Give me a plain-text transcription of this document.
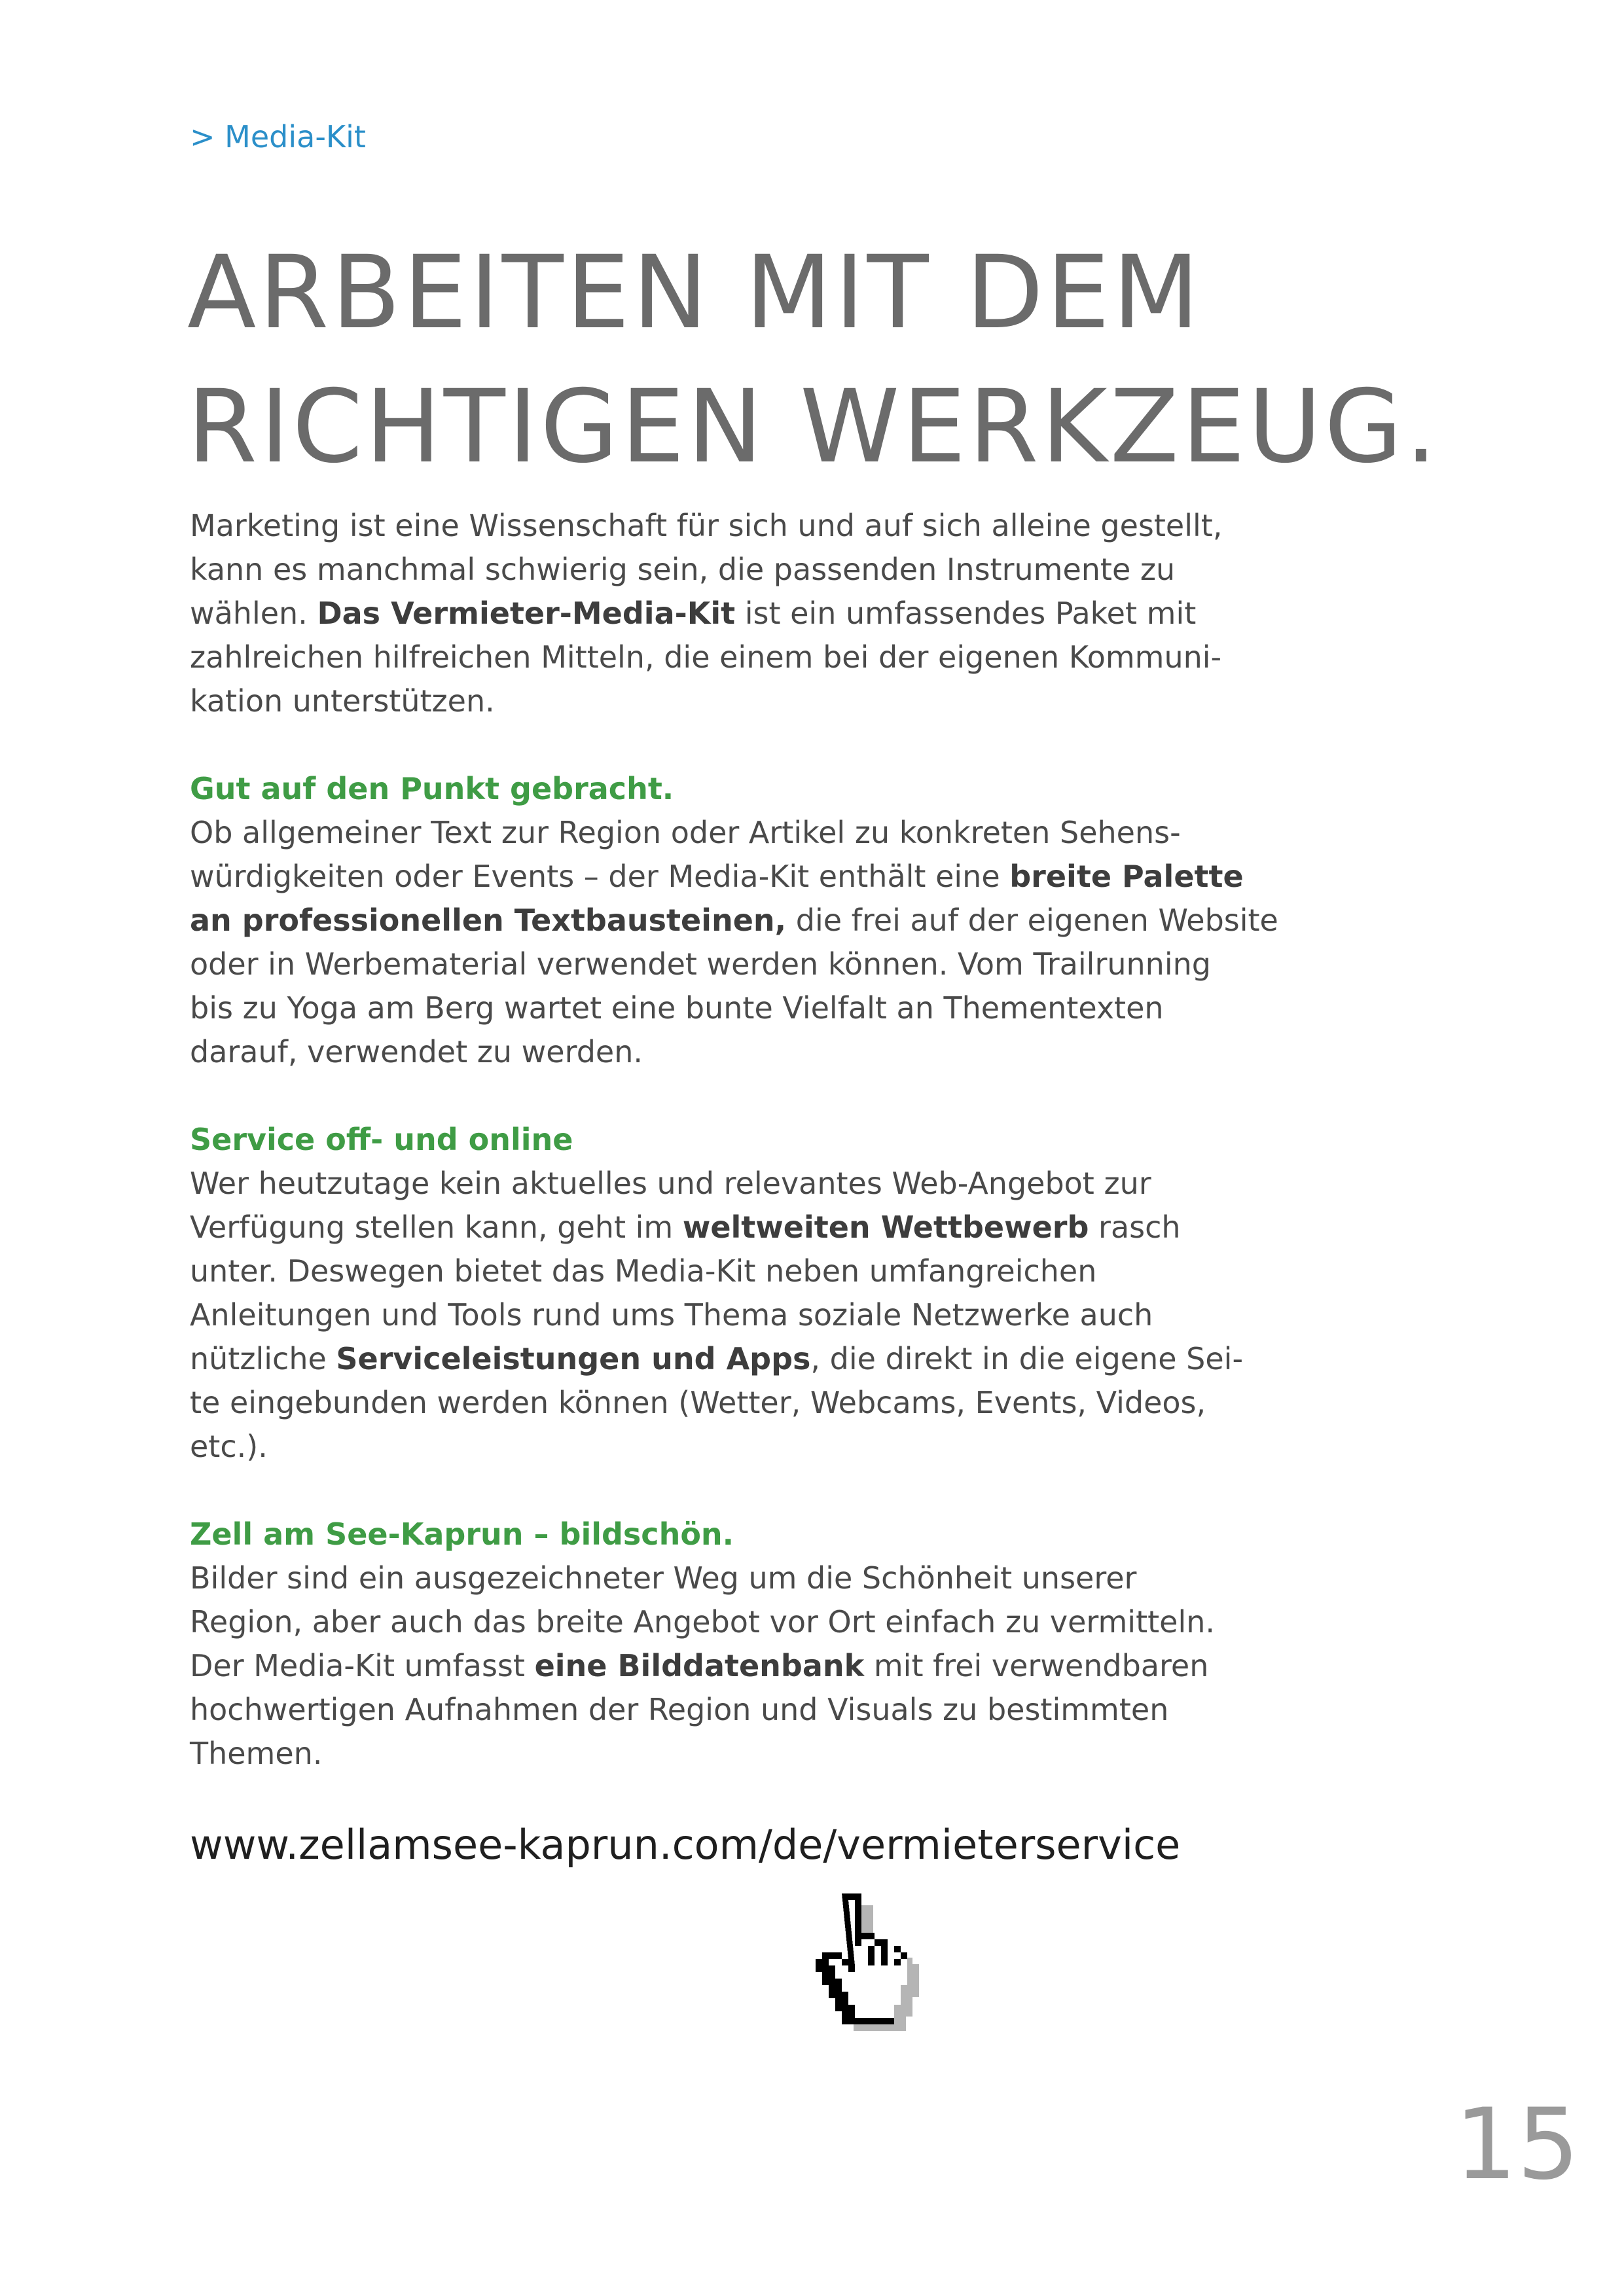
> Media-Kit
ARBEITEN MIT DEM
RICHTIGEN WERKZEUG.

Marketing ist eine Wissenschaft für sich und auf sich alleine gestellt,
kann es manchmal schwierig sein, die passenden Instrumente zu
wählen. Das Vermieter-Media-Kit ist ein umfassendes Paket mit
zahlreichen hilfreichen Mitteln, die einem bei der eigenen Kommuni-
kation unterstützen.

Gut auf den Punkt gebracht.

Ob allgemeiner Text zur Region oder Artikel zu konkreten Sehens-
würdigkeiten oder Events – der Media-Kit enthält eine breite Palette
an professionellen Textbausteinen, die frei auf der eigenen Website
oder in Werbematerial verwendet werden können. Vom Trailrunning
bis zu Yoga am Berg wartet eine bunte Vielfalt an Thementexten
darauf, verwendet zu werden.

Service off- und online

Wer heutzutage kein aktuelles und relevantes Web-Angebot zur
Verfügung stellen kann, geht im weltweiten Wettbewerb rasch
unter. Deswegen bietet das Media-Kit neben umfangreichen
Anleitungen und Tools rund ums Thema soziale Netzwerke auch
nützliche Serviceleistungen und Apps, die direkt in die eigene Sei-
te eingebunden werden können (Wetter, Webcams, Events, Videos,
etc.).

Zell am See-Kaprun – bildschön.

Bilder sind ein ausgezeichneter Weg um die Schönheit unserer
Region, aber auch das breite Angebot vor Ort einfach zu vermitteln.
Der Media-Kit umfasst eine Bilddatenbank mit frei verwendbaren
hochwertigen Aufnahmen der Region und Visuals zu bestimmten
Themen.

www.zellamsee-kaprun.com/de/vermieterservice
15
